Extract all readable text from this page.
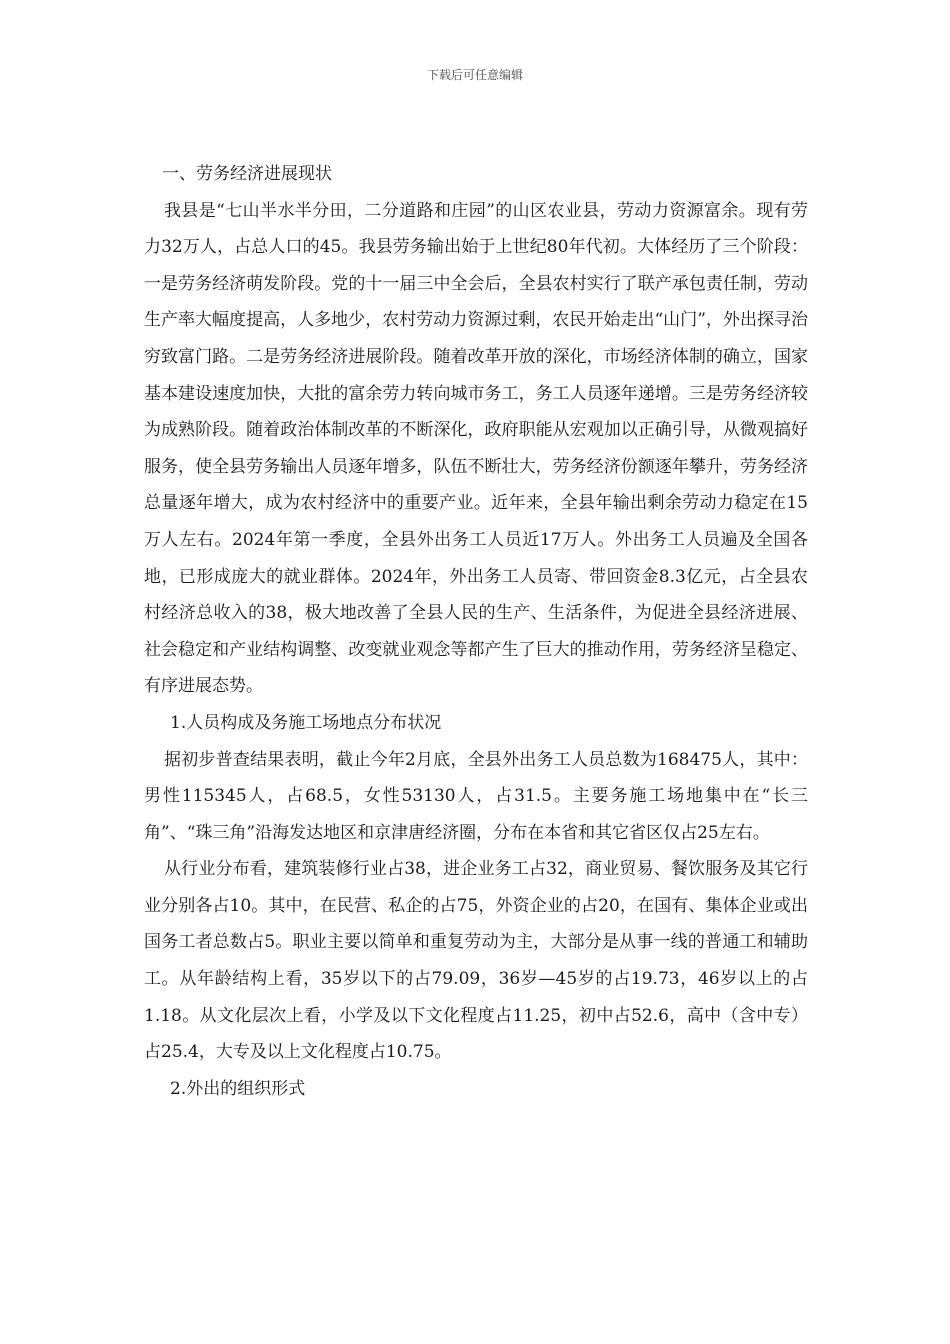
下载后可任意编辑

一、劳务经济进展现状

我县是“七山半水半分田，二分道路和庄园”的山区农业县，劳动力资源富余。现有劳力32万人，占总人口的45。我县劳务输出始于上世纪80年代初。大体经历了三个阶段：一是劳务经济萌发阶段。党的十一届三中全会后，全县农村实行了联产承包责任制，劳动生产率大幅度提高，人多地少，农村劳动力资源过剩，农民开始走出“山门”，外出探寻治穷致富门路。二是劳务经济进展阶段。随着改革开放的深化，市场经济体制的确立，国家基本建设速度加快，大批的富余劳力转向城市务工，务工人员逐年递增。三是劳务经济较为成熟阶段。随着政治体制改革的不断深化，政府职能从宏观加以正确引导，从微观搞好服务，使全县劳务输出人员逐年增多，队伍不断壮大，劳务经济份额逐年攀升，劳务经济总量逐年增大，成为农村经济中的重要产业。近年来，全县年输出剩余劳动力稳定在15万人左右。2024年第一季度，全县外出务工人员近17万人。外出务工人员遍及全国各地，已形成庞大的就业群体。2024年，外出务工人员寄、带回资金8.3亿元，占全县农村经济总收入的38，极大地改善了全县人民的生产、生活条件，为促进全县经济进展、社会稳定和产业结构调整、改变就业观念等都产生了巨大的推动作用，劳务经济呈稳定、有序进展态势。

1.人员构成及务施工场地点分布状况

据初步普查结果表明，截止今年2月底，全县外出务工人员总数为168475人，其中：男性115345人，占68.5，女性53130人，占31.5。主要务施工场地集中在“长三角”、“珠三角”沿海发达地区和京津唐经济圈，分布在本省和其它省区仅占25左右。

从行业分布看，建筑装修行业占38，进企业务工占32，商业贸易、餐饮服务及其它行业分别各占10。其中，在民营、私企的占75，外资企业的占20，在国有、集体企业或出国务工者总数占5。职业主要以简单和重复劳动为主，大部分是从事一线的普通工和辅助工。从年龄结构上看，35岁以下的占79.09，36岁—45岁的占19.73，46岁以上的占1.18。从文化层次上看，小学及以下文化程度占11.25，初中占52.6，高中（含中专）占25.4，大专及以上文化程度占10.75。

2.外出的组织形式
